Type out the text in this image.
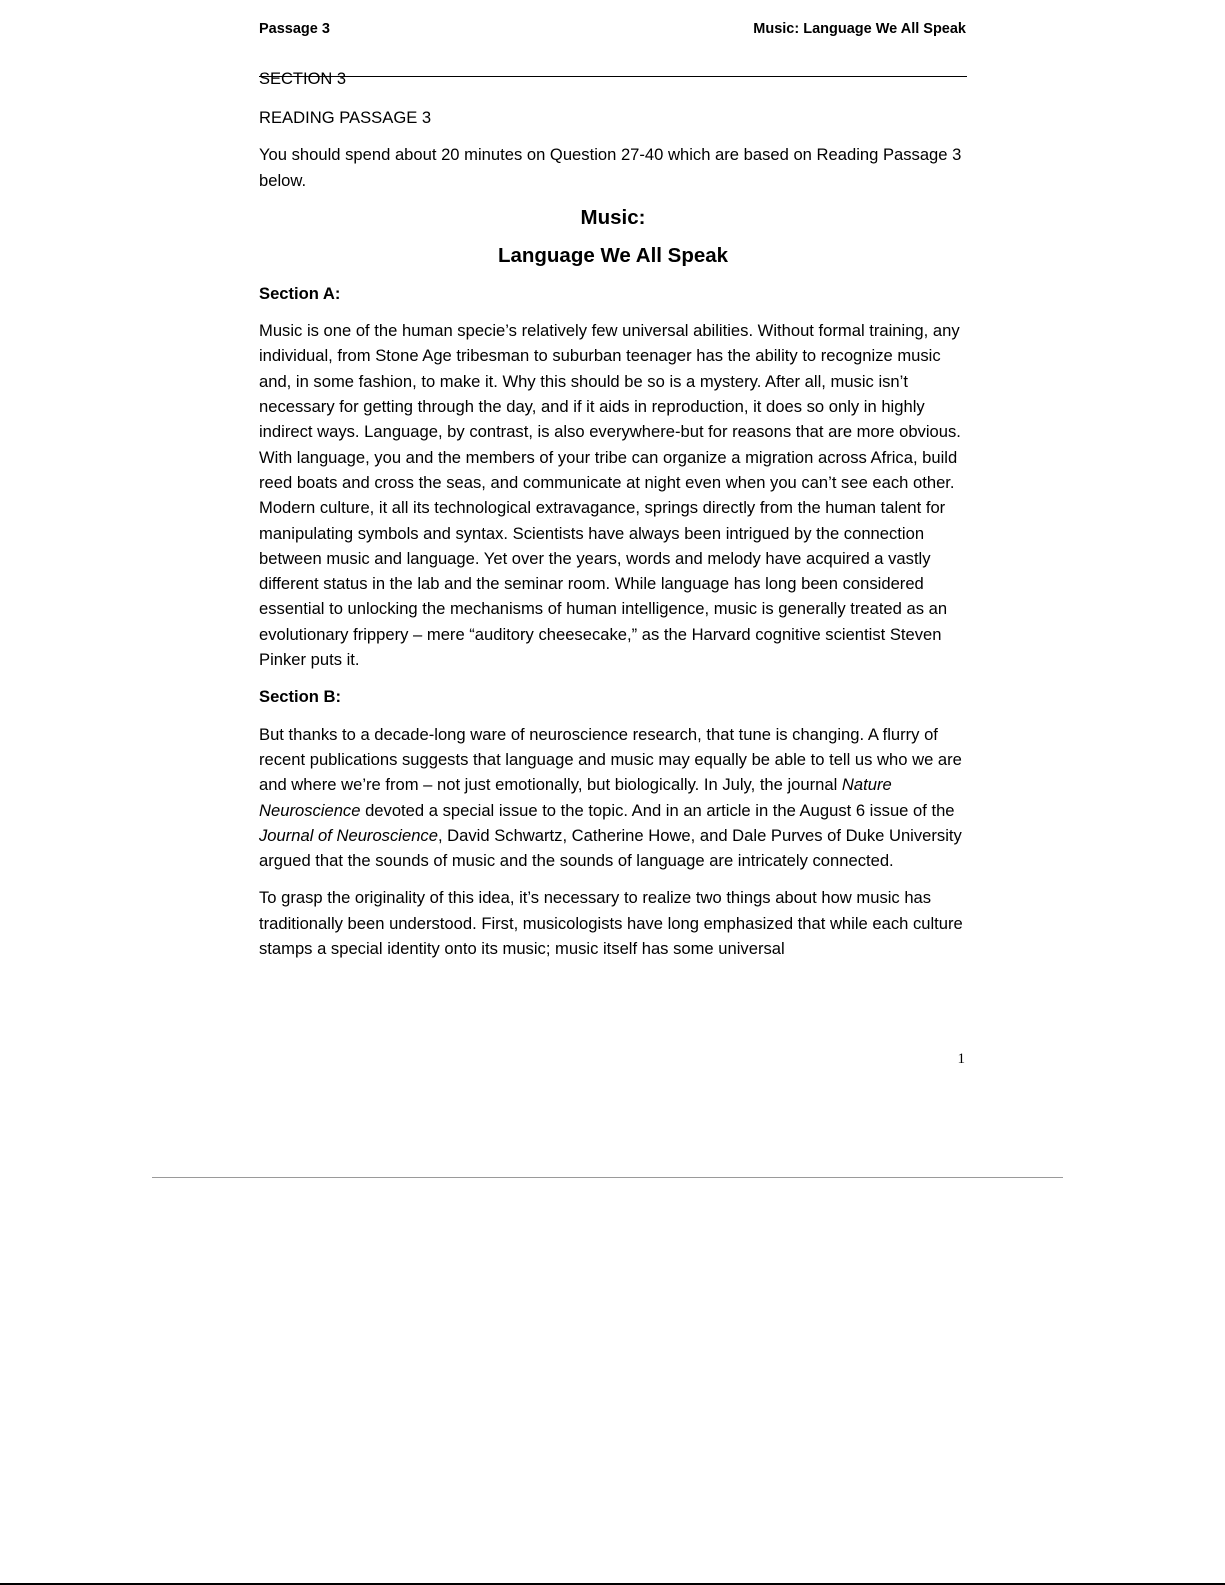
Passage 3	Music: Language We All Speak
SECTION 3

READING PASSAGE 3

You should spend about 20 minutes on Question 27-40 which are based on Reading Passage 3 below.

Music:

Language We All Speak

Section A:

Music is one of the human specie’s relatively few universal abilities. Without formal training, any individual, from Stone Age tribesman to suburban teenager has the ability to recognize music and, in some fashion, to make it. Why this should be so is a mystery. After all, music isn’t necessary for getting through the day, and if it aids in reproduction, it does so only in highly indirect ways. Language, by contrast, is also everywhere-but for reasons that are more obvious. With language, you and the members of your tribe can organize a migration across Africa, build reed boats and cross the seas, and communicate at night even when you can’t see each other. Modern culture, it all its technological extravagance, springs directly from the human talent for manipulating symbols and syntax. Scientists have always been intrigued by the connection between music and language. Yet over the years, words and melody have acquired a vastly different status in the lab and the seminar room. While language has long been considered essential to unlocking the mechanisms of human intelligence, music is generally treated as an evolutionary frippery – mere “auditory cheesecake,” as the Harvard cognitive scientist Steven Pinker puts it.

Section B:

But thanks to a decade-long ware of neuroscience research, that tune is changing. A flurry of recent publications suggests that language and music may equally be able to tell us who we are and where we’re from – not just emotionally, but biologically. In July, the journal Nature Neuroscience devoted a special issue to the topic. And in an article in the August 6 issue of the Journal of Neuroscience, David Schwartz, Catherine Howe, and Dale Purves of Duke University argued that the sounds of music and the sounds of language are intricately connected.

To grasp the originality of this idea, it’s necessary to realize two things about how music has traditionally been understood. First, musicologists have long emphasized that while each culture stamps a special identity onto its music; music itself has some universal

1
